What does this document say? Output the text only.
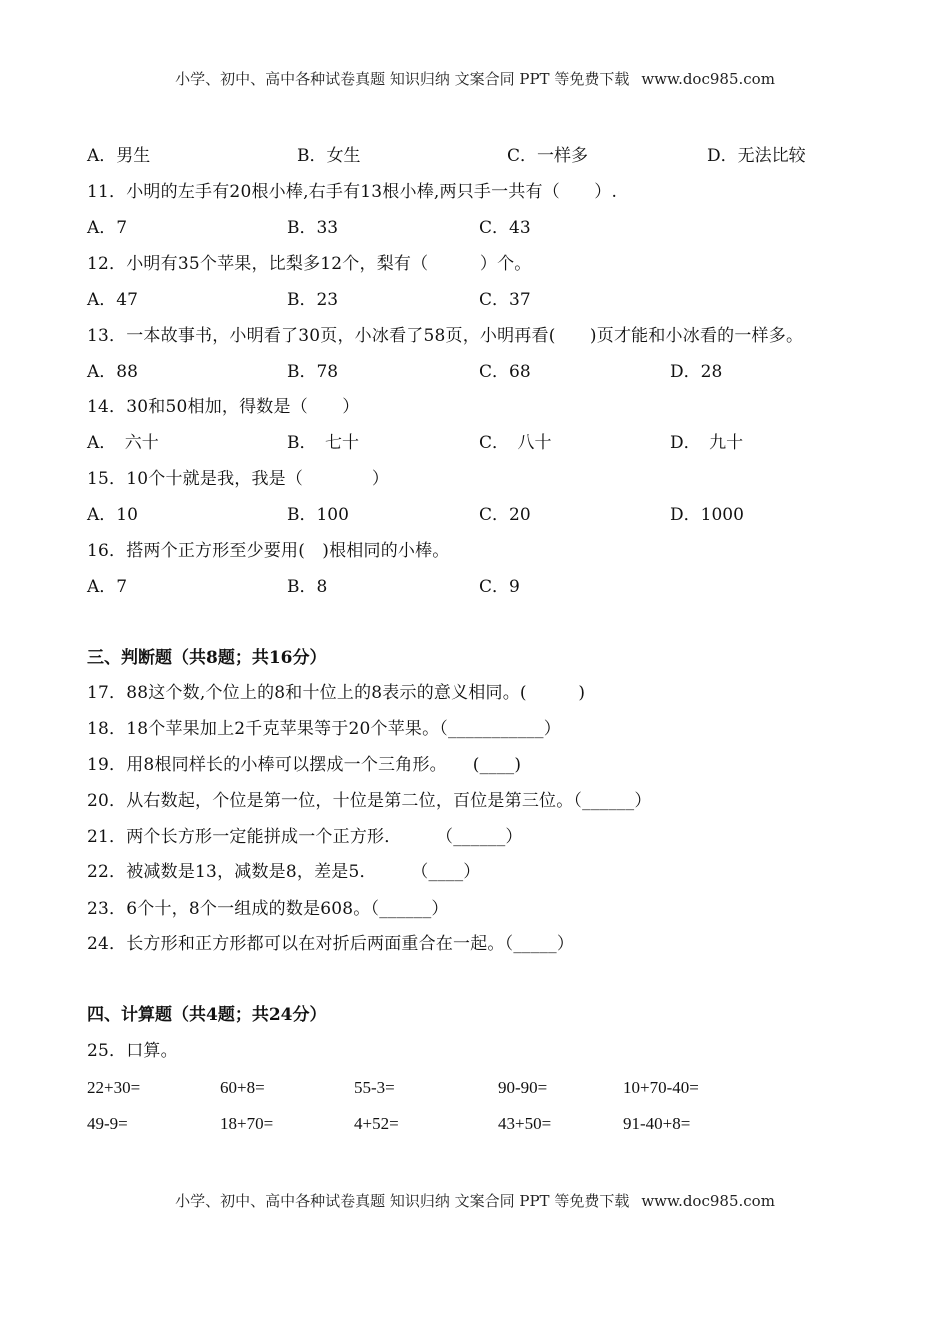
小学、初中、高中各种试卷真题 知识归纳 文案合同 PPT 等免费下载 www.doc985.com
A．男生	B．女生	C．一样多	D．无法比较
11．小明的左手有20根小棒,右手有13根小棒,两只手一共有（　　）.
A．7	B．33	C．43
12．小明有35个苹果，比梨多12个，梨有（　　　）个。
A．47	B．23	C．37
13．一本故事书，小明看了30页，小冰看了58页，小明再看(　　)页才能和小冰看的一样多。
A．88	B．78	C．68	D．28
14．30和50相加，得数是（　　）
A．　六十	B．　七十	C．　八十	D．　九十
15．10个十就是我，我是（　　　　）
A．10	B．100	C．20	D．1000
16．搭两个正方形至少要用(　)根相同的小棒。
A．7	B．8	C．9
三、判断题（共8题；共16分）
17．88这个数,个位上的8和十位上的8表示的意义相同。(　　　)
18．18个苹果加上2千克苹果等于20个苹果。（___________）
19．用8根同样长的小棒可以摆成一个三角形。　　(____)
20．从右数起，个位是第一位，十位是第二位，百位是第三位。（______）
21．两个长方形一定能拼成一个正方形．　　　（______）
22．被减数是13，减数是8，差是5．　　　（____）
23．6个十，8个一组成的数是608。（______）
24．长方形和正方形都可以在对折后两面重合在一起。（_____）
四、计算题（共4题；共24分）
25．口算。
22+30=	60+8=	55-3=	90-90=	10+70-40=
49-9=	18+70=	4+52=	43+50=	91-40+8=
小学、初中、高中各种试卷真题 知识归纳 文案合同 PPT 等免费下载 www.doc985.com
